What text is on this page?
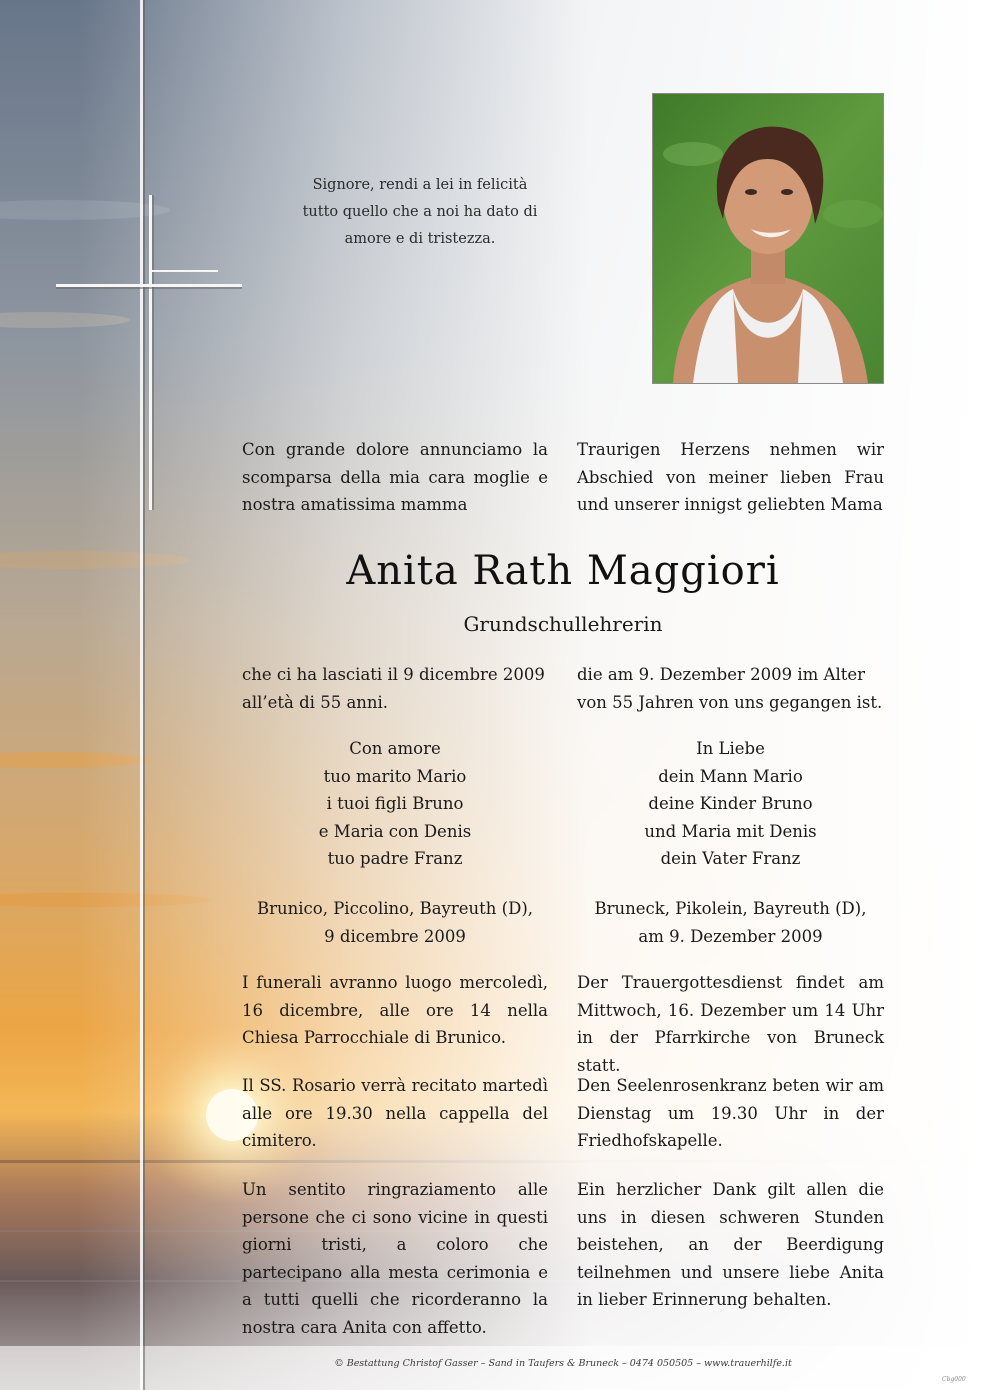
Signore, rendi a lei in felicità
tutto quello che a noi ha dato di
amore e di tristezza.
Con grande dolore annunciamo la scomparsa della mia cara moglie e nostra amatissima mamma
Traurigen Herzens nehmen wir Abschied von meiner lieben Frau und unserer innigst geliebten Mama
Anita Rath Maggiori
Grundschullehrerin
che ci ha lasciati il 9 dicembre 2009 all’età di 55 anni.
die am 9. Dezember 2009 im Alter von 55 Jahren von uns gegangen ist.
Con amore
tuo marito Mario
i tuoi figli Bruno
e Maria con Denis
tuo padre Franz
In Liebe
dein Mann Mario
deine Kinder Bruno
und Maria mit Denis
dein Vater Franz
Brunico, Piccolino, Bayreuth (D),
9 dicembre 2009
Bruneck, Pikolein, Bayreuth (D),
am 9. Dezember 2009
I funerali avranno luogo mercoledì, 16 dicembre, alle ore 14 nella Chiesa Parrocchiale di Brunico.
Der Trauergottesdienst findet am Mittwoch, 16. Dezember um 14 Uhr in der Pfarrkirche von Bruneck statt.
Il SS. Rosario verrà recitato martedì alle ore 19.30 nella cappella del cimitero.
Den Seelenrosenkranz beten wir am Dienstag um 19.30 Uhr in der Friedhofskapelle.
Un sentito ringraziamento alle persone che ci sono vicine in questi giorni tristi, a coloro che partecipano alla mesta cerimonia e a tutti quelli che ricorderanno la nostra cara Anita con affetto.
Ein herzlicher Dank gilt allen die uns in diesen schweren Stunden beistehen, an der Beerdigung teilnehmen und unsere liebe Anita in lieber Erinnerung behalten.
© Bestattung Christof Gasser – Sand in Taufers & Bruneck – 0474 050505 – www.trauerhilfe.it
Cbg000
